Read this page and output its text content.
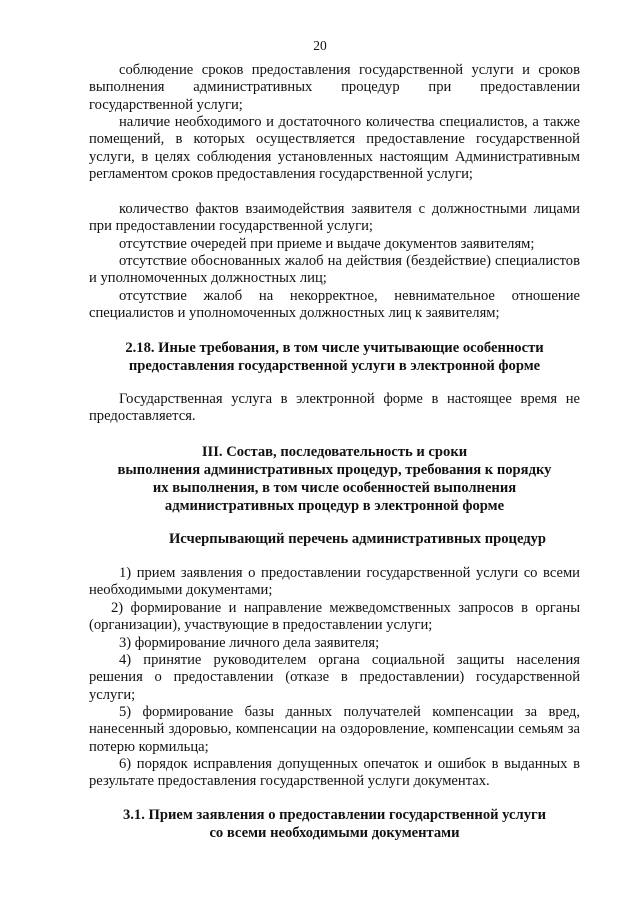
20

соблюдение сроков предоставления государственной услуги и сроков выполнения административных процедур при предоставлении государственной услуги;

наличие необходимого и достаточного количества специалистов, а также помещений, в которых осуществляется предоставление государственной услуги, в целях соблюдения установленных настоящим Административным регламентом сроков предоставления государственной услуги;

количество фактов взаимодействия заявителя с должностными лицами при предоставлении государственной услуги;

отсутствие очередей при приеме и выдаче документов заявителям;

отсутствие обоснованных жалоб на действия (бездействие) специалистов и уполномоченных должностных лиц;

отсутствие жалоб на некорректное, невнимательное отношение специалистов и уполномоченных должностных лиц к заявителям;

2.18. Иные требования, в том числе учитывающие особенности
предоставления государственной услуги в электронной форме

Государственная услуга в электронной форме в настоящее время не предоставляется.

III. Состав, последовательность и сроки
выполнения административных процедур, требования к порядку
их выполнения, в том числе особенностей выполнения
административных процедур в электронной форме
Исчерпывающий перечень административных процедур

1) прием заявления о предоставлении государственной услуги со всеми необходимыми документами;

2) формирование и направление межведомственных запросов в органы (организации), участвующие в предоставлении услуги;

3) формирование личного дела заявителя;

4) принятие руководителем органа социальной защиты населения решения о предоставлении (отказе в предоставлении) государственной услуги;

5) формирование базы данных получателей компенсации за вред, нанесенный здоровью, компенсации на оздоровление, компенсации семьям за потерю кормильца;

6) порядок исправления допущенных опечаток и ошибок в выданных в результате предоставления государственной услуги документах.

3.1. Прием заявления о предоставлении государственной услуги
со всеми необходимыми документами
